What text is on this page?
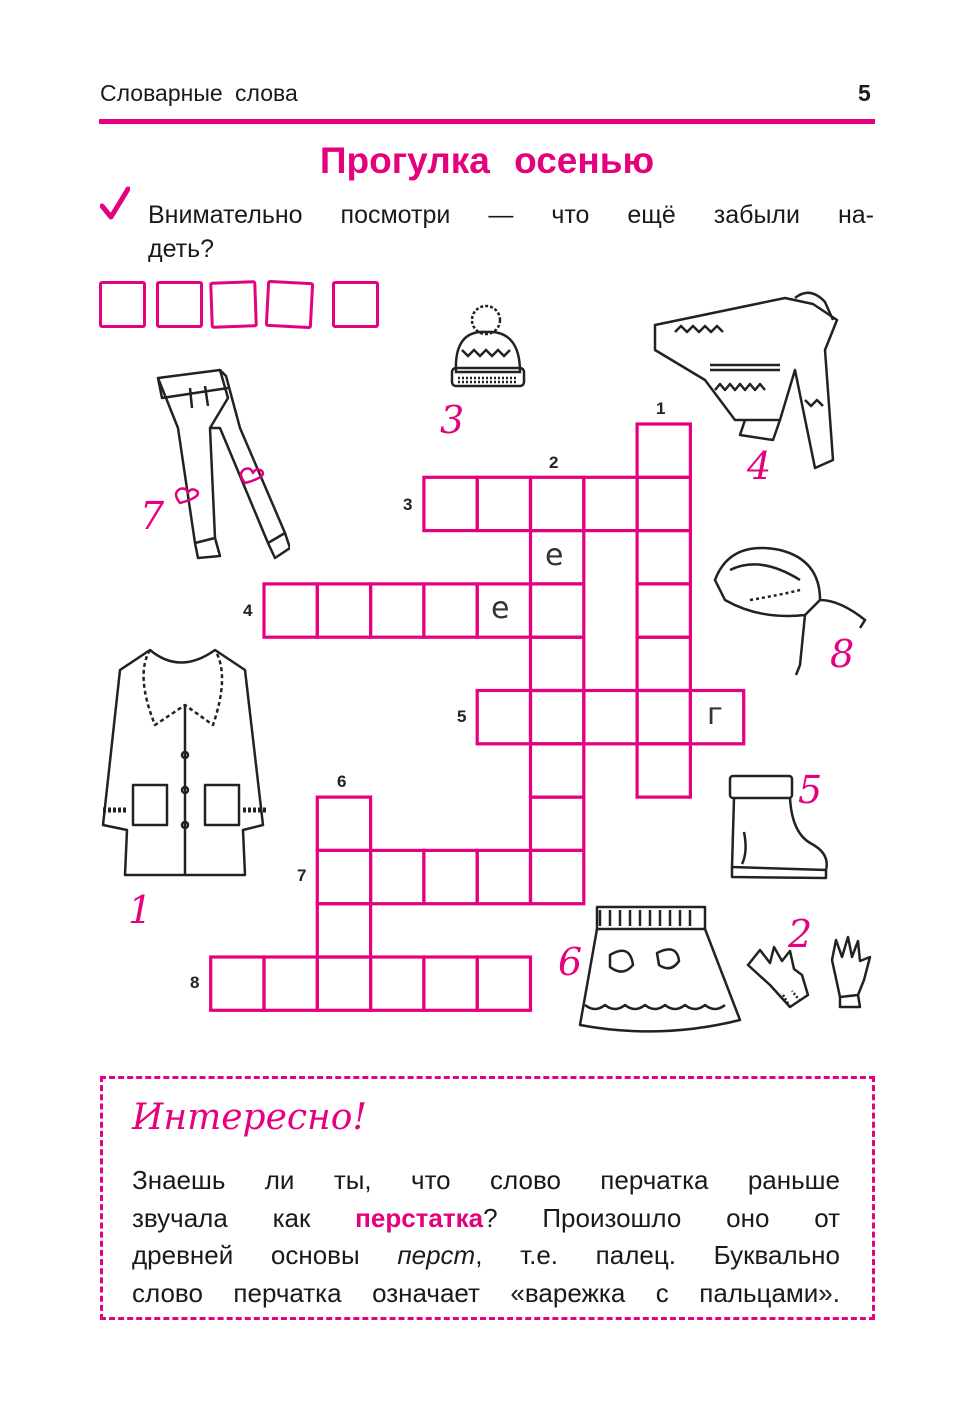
Словарные слова	5
Прогулка осенью
Внимательно посмотри — что ещё забыли на-
деть?
1
2
3
4
5
6
7
8
е
е
г
7
3
4
8
1
5
6
2
Интересно!
Знаешь ли ты, что слово перчатка раньше
звучала как перстатка? Произошло оно от
древней основы перст, т.е. палец. Буквально
слово перчатка означает «варежка с пальцами».
